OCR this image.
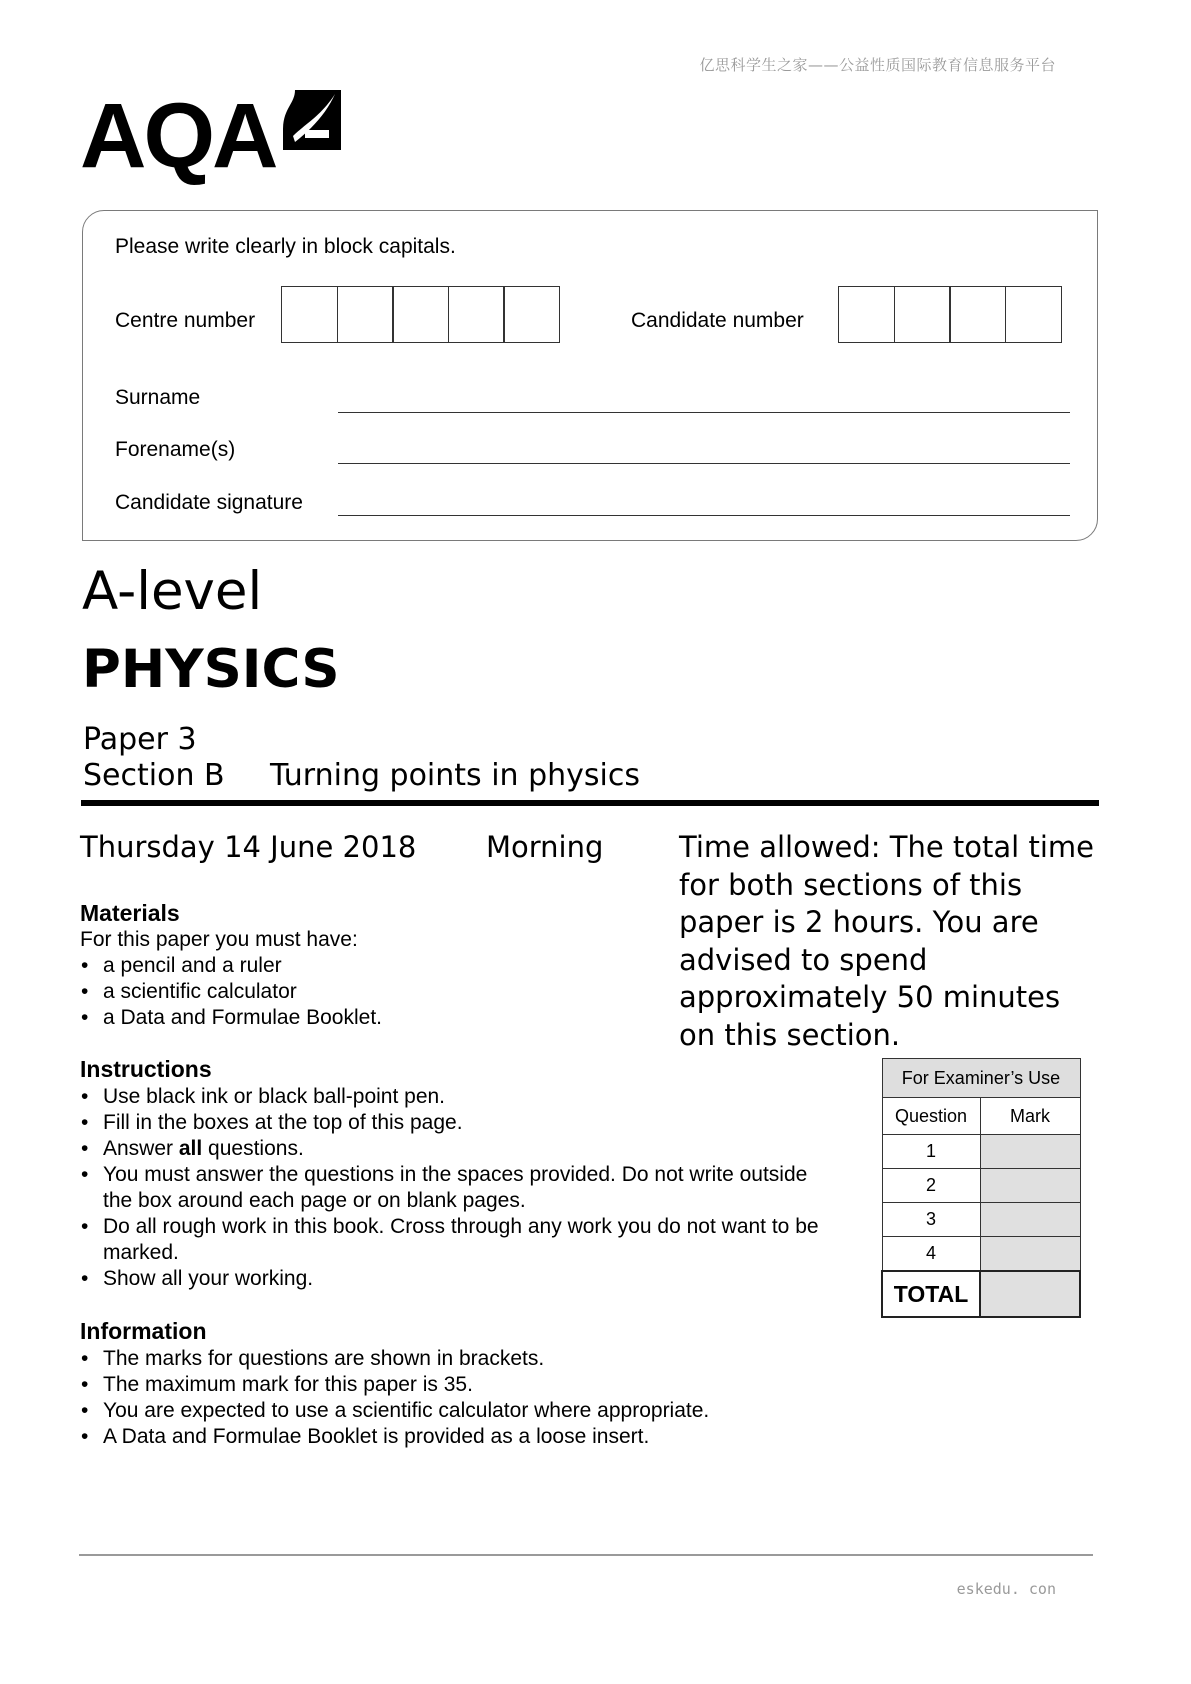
亿思科学生之家——公益性质国际教育信息服务平台
AQA
Please write clearly in block capitals.
Centre number	Candidate number
Surname
Forename(s)
Candidate signature
A-level
PHYSICS
Paper 3
Section B Turning points in physics
Thursday 14 June 2018 Morning	Time allowed: The total time for both sections of this paper is 2 hours. You are advised to spend approximately 50 minutes on this section.
Materials
For this paper you must have:
• a pencil and a ruler
• a scientific calculator
• a Data and Formulae Booklet.
Instructions
• Use black ink or black ball-point pen.
• Fill in the boxes at the top of this page.
• Answer all questions.
• You must answer the questions in the spaces provided. Do not write outside the box around each page or on blank pages.
• Do all rough work in this book. Cross through any work you do not want to be marked.
• Show all your working.
Information
• The marks for questions are shown in brackets.
• The maximum mark for this paper is 35.
• You are expected to use a scientific calculator where appropriate.
• A Data and Formulae Booklet is provided as a loose insert.
For Examiner’s Use	
Question	Mark
1	
2	
3	
4	
TOTAL	
eskedu. con
